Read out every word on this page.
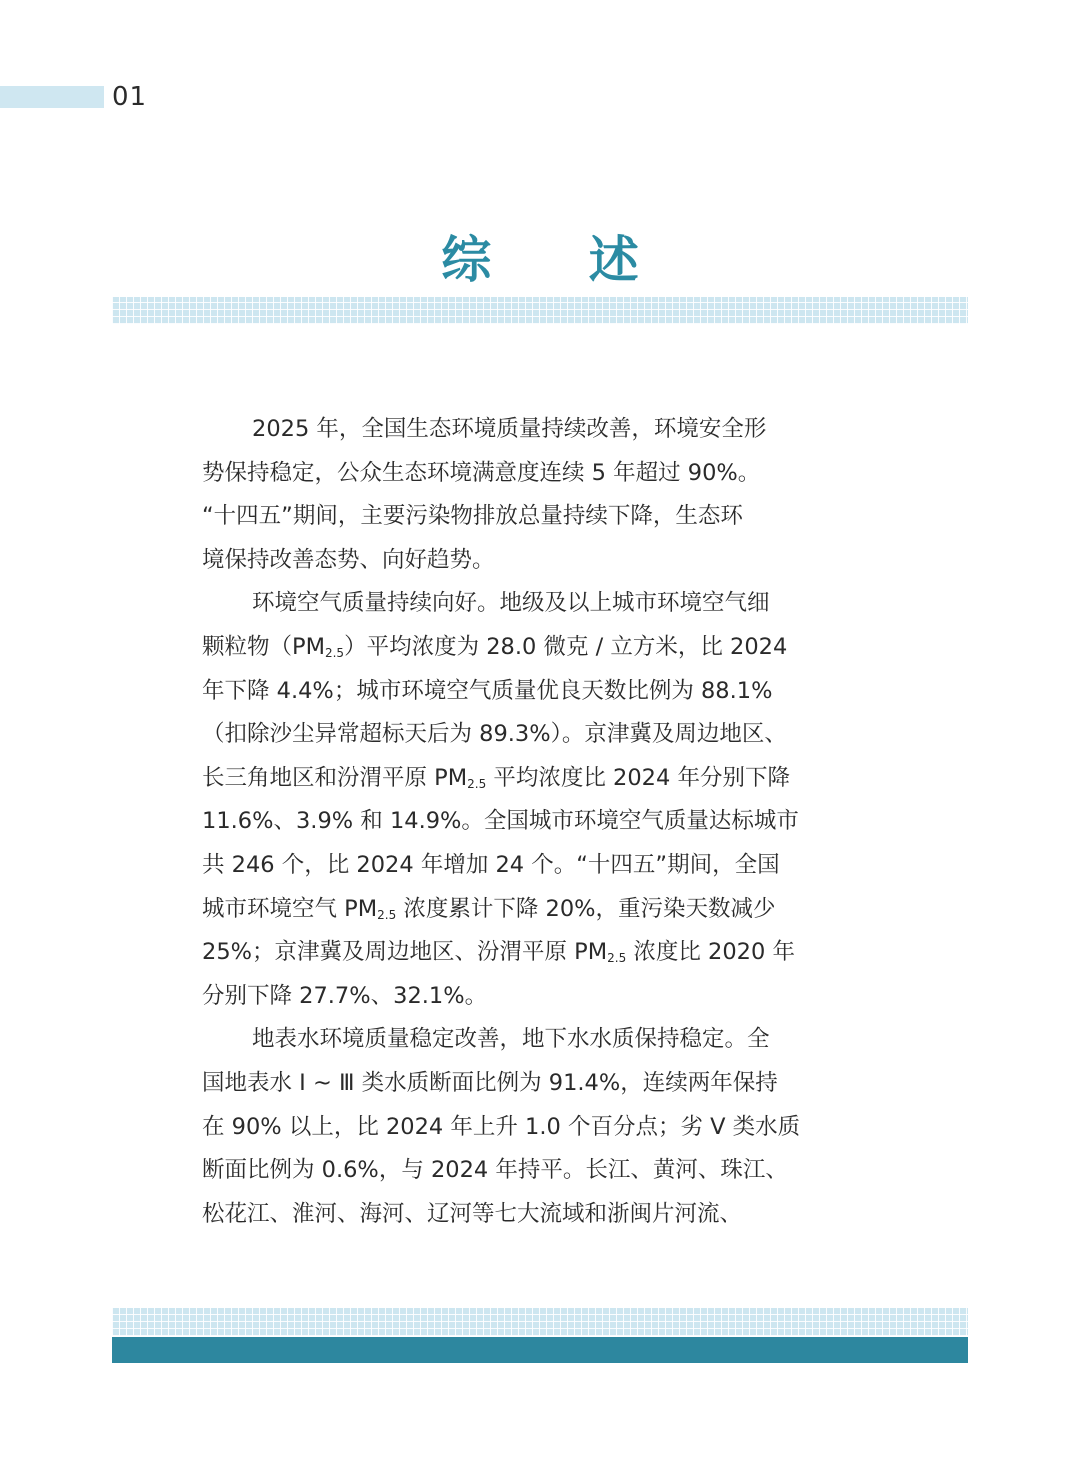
01
综 述

2025 年，全国生态环境质量持续改善，环境安全形
势保持稳定，公众生态环境满意度连续 5 年超过 90%。
“十四五”期间，主要污染物排放总量持续下降，生态环
境保持改善态势、向好趋势。

环境空气质量持续向好。地级及以上城市环境空气细
颗粒物$(PM_{2.5})$平均浓度为 28.0 微克 / 立方米，比 2024
年下降 4.4%；城市环境空气质量优良天数比例为 88.1%
（扣除沙尘异常超标天后为 89.3%）。京津冀及周边地区、
长三角地区和汾渭平原 $PM_{2.5}$ 平均浓度比 2024 年分别下降
11.6%、3.9% 和 14.9%。全国城市环境空气质量达标城市
共 246 个，比 2024 年增加 24 个。“十四五”期间，全国
城市环境空气 $PM_{2.5}$ 浓度累计下降 20%，重污染天数减少
25%；京津冀及周边地区、汾渭平原 $PM_{2.5}$ 浓度比 2020 年
分别下降 27.7%、32.1%。

地表水环境质量稳定改善，地下水水质保持稳定。全
国地表水 Ⅰ ~ Ⅲ 类水质断面比例为 91.4%，连续两年保持
在 90% 以上，比 2024 年上升 1.0 个百分点；劣 Ⅴ 类水质
断面比例为 0.6%，与 2024 年持平。长江、黄河、珠江、
松花江、淮河、海河、辽河等七大流域和浙闽片河流、
